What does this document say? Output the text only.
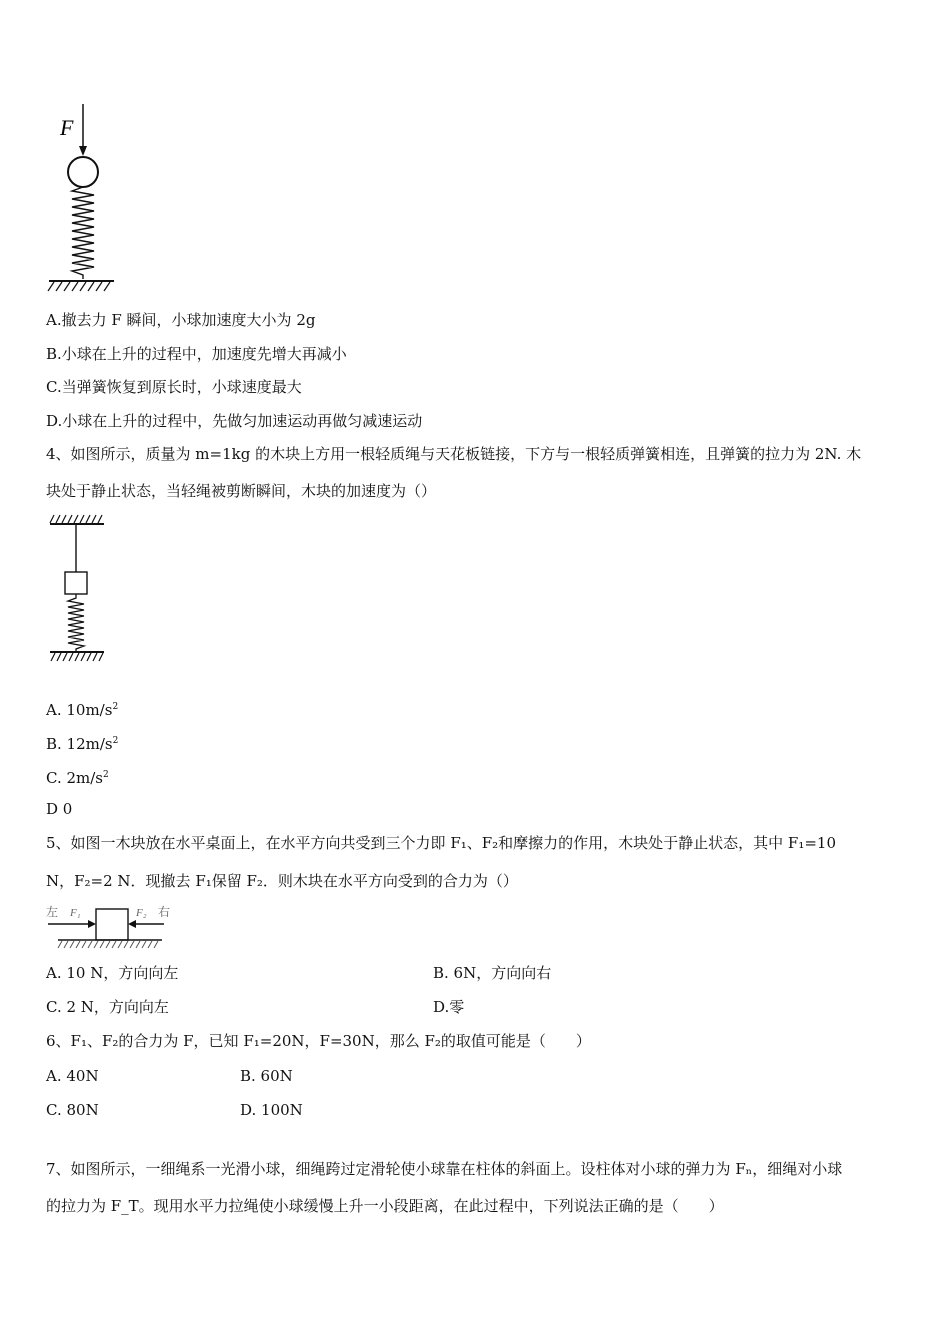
F
A.撤去力 F 瞬间，小球加速度大小为 2g
B.小球在上升的过程中，加速度先增大再减小
C.当弹簧恢复到原长时，小球速度最大
D.小球在上升的过程中，先做匀加速运动再做匀减速运动
4、如图所示，质量为 m=1kg 的木块上方用一根轻质绳与天花板链接，下方与一根轻质弹簧相连，且弹簧的拉力为 2N. 木
块处于静止状态，当轻绳被剪断瞬间，木块的加速度为（）
A. $10m/s^2$
B. $12m/s^2$
C. $2m/s^2$
D 0
5、如图一木块放在水平桌面上，在水平方向共受到三个力即 F₁、F₂和摩擦力的作用，木块处于静止状态，其中 F₁=10
N，F₂=2 N．现撤去 F₁保留 F₂．则木块在水平方向受到的合力为（）
左 F₁	F₂ 右
A. 10 N，方向向左	B. 6N，方向向右
C. 2 N，方向向左	D.零
6、F₁、F₂的合力为 F，已知 F₁=20N，F=30N，那么 F₂的取值可能是（　　）
A. 40N	B. 60N
C. 80N	D. 100N
7、如图所示，一细绳系一光滑小球，细绳跨过定滑轮使小球靠在柱体的斜面上。设柱体对小球的弹力为 Fₙ，细绳对小球
的拉力为 F_T。现用水平力拉绳使小球缓慢上升一小段距离，在此过程中，下列说法正确的是（　　）
